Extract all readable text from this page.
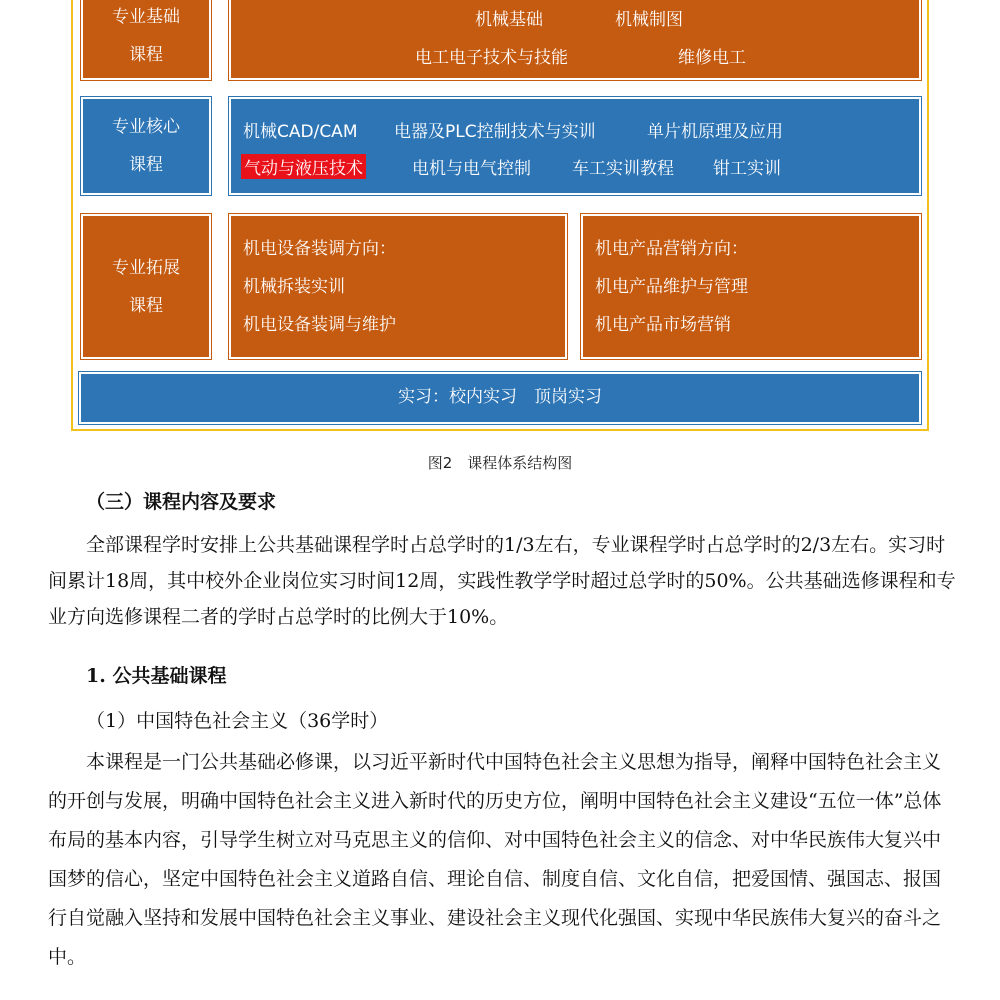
专业基础
课程
机械基础	机械制图
电工电子技术与技能	维修电工
专业核心
课程
机械CAD/CAM 电器及PLC控制技术与实训	单片机原理及应用
气动与液压技术	电机与电气控制 车工实训教程 钳工实训
专业拓展
课程
机电设备装调方向：
机械拆装实训
机电设备装调与维护
机电产品营销方向：
机电产品维护与管理
机电产品市场营销
实习：校内实习　顶岗实习
图2　课程体系结构图
（三）课程内容及要求
全部课程学时安排上公共基础课程学时占总学时的1/3左右，专业课程学时占总学时的2/3左右。实习时间累计18周，其中校外企业岗位实习时间12周，实践性教学学时超过总学时的50%。公共基础选修课程和专业方向选修课程二者的学时占总学时的比例大于10%。
1. 公共基础课程
（1）中国特色社会主义（36学时）
本课程是一门公共基础必修课，以习近平新时代中国特色社会主义思想为指导，阐释中国特色社会主义的开创与发展，明确中国特色社会主义进入新时代的历史方位，阐明中国特色社会主义建设“五位一体”总体布局的基本内容，引导学生树立对马克思主义的信仰、对中国特色社会主义的信念、对中华民族伟大复兴中国梦的信心，坚定中国特色社会主义道路自信、理论自信、制度自信、文化自信，把爱国情、强国志、报国行自觉融入坚持和发展中国特色社会主义事业、建设社会主义现代化强国、实现中华民族伟大复兴的奋斗之中。
